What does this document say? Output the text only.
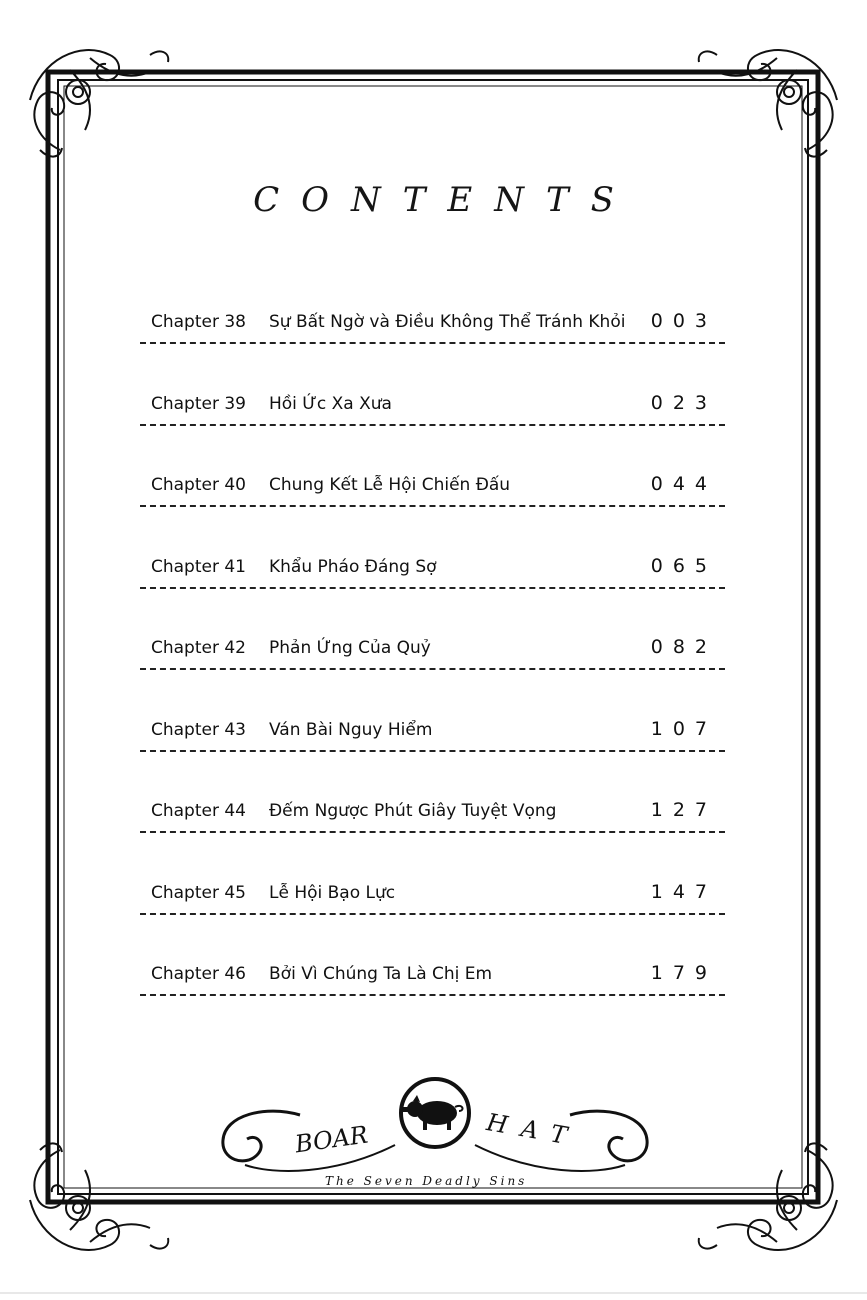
CONTENTS
Chapter 38 Sự Bất Ngờ và Điều Không Thể Tránh Khỏi 003
Chapter 39 Hồi Ức Xa Xưa	023
Chapter 40 Chung Kết Lễ Hội Chiến Đấu	044
Chapter 41 Khẩu Pháo Đáng Sợ	065
Chapter 42 Phản Ứng Của Quỷ	082
Chapter 43 Ván Bài Nguy Hiểm	107
Chapter 44 Đếm Ngược Phút Giây Tuyệt Vọng	127
Chapter 45 Lễ Hội Bạo Lực	147
Chapter 46 Bởi Vì Chúng Ta Là Chị Em	179
BOAR	HAT
The Seven Deadly Sins
